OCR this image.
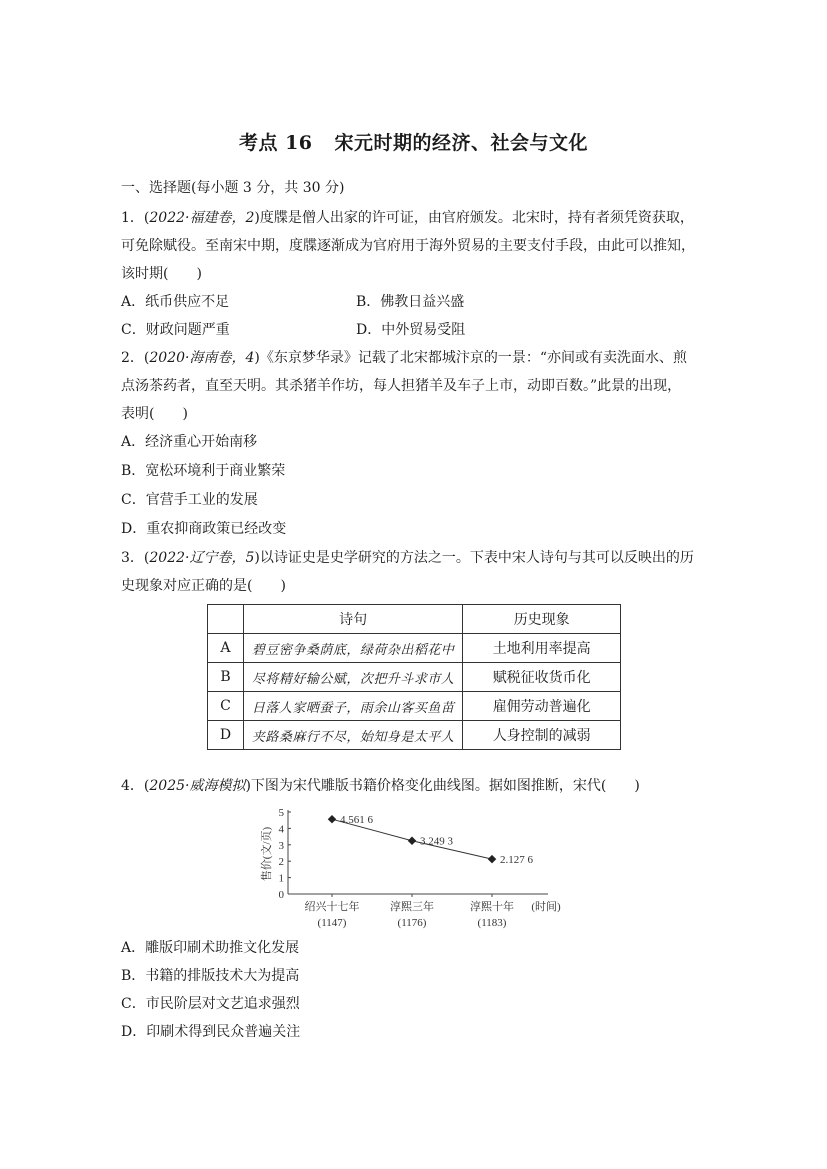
考点 16 宋元时期的经济、社会与文化
一、选择题(每小题 3 分，共 30 分)
1．(2022·福建卷，2)度牒是僧人出家的许可证，由官府颁发。北宋时，持有者须凭资获取，
可免除赋役。至南宋中期，度牒逐渐成为官府用于海外贸易的主要支付手段，由此可以推知，
该时期(　　)
A．纸币供应不足	B．佛教日益兴盛
C．财政问题严重	D．中外贸易受阻
2．(2020·海南卷，4)《东京梦华录》记载了北宋都城汴京的一景：“亦间或有卖洗面水、煎
点汤茶药者，直至天明。其杀猪羊作坊，每人担猪羊及车子上市，动即百数。”此景的出现，
表明(　　)
A．经济重心开始南移
B．宽松环境利于商业繁荣
C．官营手工业的发展
D．重农抑商政策已经改变
3．(2022·辽宁卷，5)以诗证史是史学研究的方法之一。下表中宋人诗句与其可以反映出的历
史现象对应正确的是(　　)
	诗句	历史现象
A	碧豆密争桑荫底，绿荷杂出稻花中	土地利用率提高
B	尽将精好输公赋，次把升斗求市人	赋税征收货币化
C	日落人家晒蚕子，雨余山客买鱼苗	雇佣劳动普遍化
D	夹路桑麻行不尽，始知身是太平人	人身控制的减弱
4．(2025·威海模拟)下图为宋代雕版书籍价格变化曲线图。据如图推断，宋代(　　)
0
1
2
3
4
5
售价(文/页)
绍兴十七年
(1147)
淳熙三年
(1176)
淳熙十年
(1183)
(时间)
4.561 6
3.249 3
2.127 6
A．雕版印刷术助推文化发展
B．书籍的排版技术大为提高
C．市民阶层对文艺追求强烈
D．印刷术得到民众普遍关注
